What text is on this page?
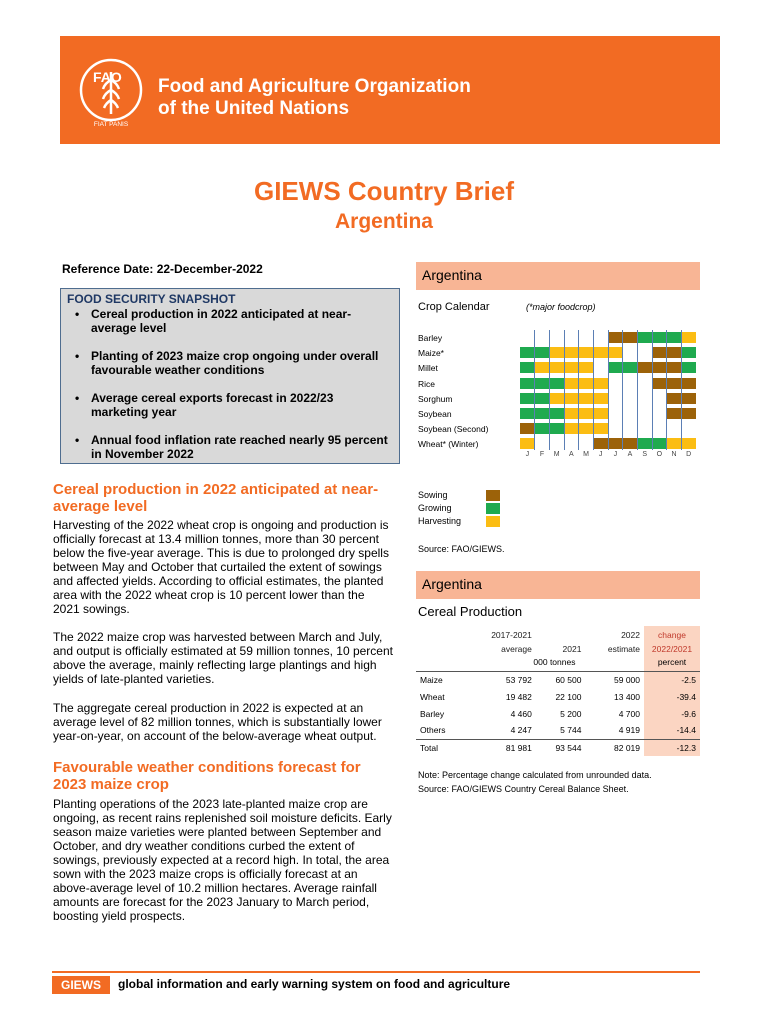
FAO
FIAT PANIS
Food and Agriculture Organization
of the United Nations
GIEWS Country Brief
Argentina
Reference Date: 22-December-2022
FOOD SECURITY SNAPSHOT
• Cereal production in 2022 anticipated at near-average level
• Planting of 2023 maize crop ongoing under overall favourable weather conditions
• Average cereal exports forecast in 2022/23 marketing year
• Annual food inflation rate reached nearly 95 percent in November 2022
Cereal production in 2022 anticipated at near-average level
Harvesting of the 2022 wheat crop is ongoing and production is officially forecast at 13.4 million tonnes, more than 30 percent below the five-year average. This is due to prolonged dry spells between May and October that curtailed the extent of sowings and affected yields. According to official estimates, the planted area with the 2022 wheat crop is 10 percent lower than the 2021 sowings.
The 2022 maize crop was harvested between March and July, and output is officially estimated at 59 million tonnes, 10 percent above the average, mainly reflecting large plantings and high yields of late-planted varieties.
The aggregate cereal production in 2022 is expected at an average level of 82 million tonnes, which is substantially lower year-on-year, on account of the below-average wheat output.
Favourable weather conditions forecast for 2023 maize crop
Planting operations of the 2023 late-planted maize crop are ongoing, as recent rains replenished soil moisture deficits. Early season maize varieties were planted between September and October, and dry weather conditions curbed the extent of sowings, previously expected at a record high. In total, the area sown with the 2023 maize crops is officially forecast at an above-average level of 10.2 million hectares. Average rainfall amounts are forecast for the 2023 January to March period, boosting yield prospects.
Argentina
Crop Calendar	(*major foodcrop)
Barley
Maize*
Millet
Rice
Sorghum
Soybean
Soybean (Second)
Wheat* (Winter)
J	F	M	A	M	J	J	A	S	O	N	D
Sowing
Growing
Harvesting
Source: FAO/GIEWS.
Argentina
Cereal Production
	2017-2021		2022	change
	average	2021	estimate	2022/2021
	000 tonnes			percent
Maize	53 792	60 500	59 000	-2.5
Wheat	19 482	22 100	13 400	-39.4
Barley	4 460	5 200	4 700	-9.6
Others	4 247	5 744	4 919	-14.4
Total	81 981	93 544	82 019	-12.3
Note: Percentage change calculated from unrounded data.
Source: FAO/GIEWS Country Cereal Balance Sheet.
GIEWS	global information and early warning system on food and agriculture
